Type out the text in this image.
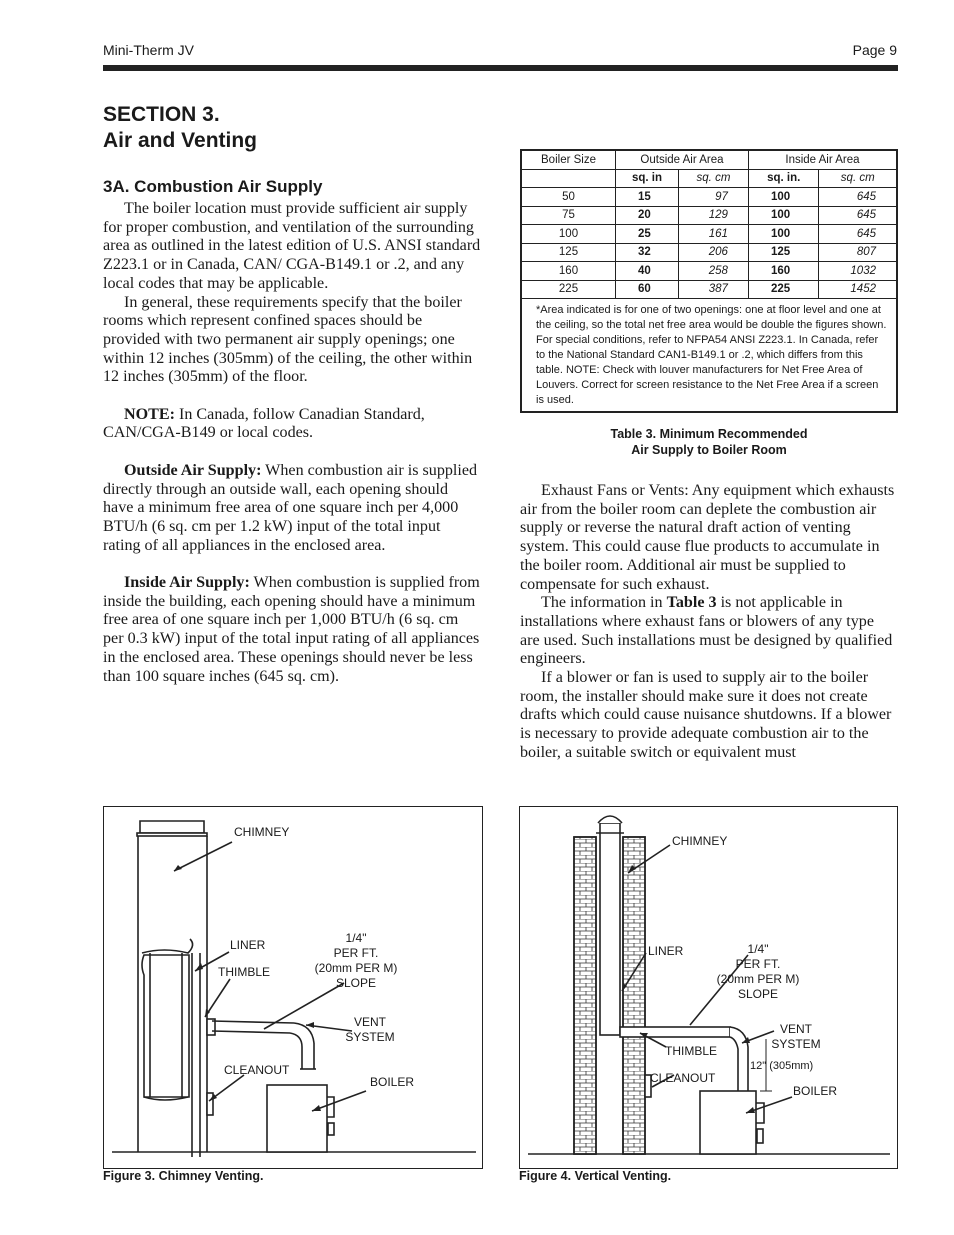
Mini-Therm JV	Page 9
SECTION 3.
Air and Venting
3A. Combustion Air Supply

The boiler location must provide sufficient air supply for proper combustion, and ventilation of the surrounding area as outlined in the latest edition of U.S. ANSI standard Z223.1 or in Canada, CAN/ CGA-B149.1 or .2, and any local codes that may be applicable.

In general, these requirements specify that the boiler rooms which represent confined spaces should be provided with two permanent air supply openings; one within 12 inches (305mm) of the ceiling, the other within 12 inches (305mm) of the floor.

NOTE: In Canada, follow Canadian Standard, CAN/CGA-B149 or local codes.

Outside Air Supply: When combustion air is supplied directly through an outside wall, each opening should have a minimum free area of one square inch per 4,000 BTU/h (6 sq. cm per 1.2 kW) input of the total input rating of all appliances in the enclosed area.

Inside Air Supply: When combustion is supplied from inside the building, each opening should have a minimum free area of one square inch per 1,000 BTU/h (6 sq. cm per 0.3 kW) input of the total input rating of all appliances in the enclosed area. These openings should never be less than 100 square inches (645 sq. cm).

Boiler Size	Outside Air Area		Inside Air Area	
	sq. in	sq. cm	sq. in.	sq. cm
50	15	97	100	645
75	20	129	100	645
100	25	161	100	645
125	32	206	125	807
160	40	258	160	1032
225	60	387	225	1452
*Area indicated is for one of two openings: one at floor level and one at the ceiling, so the total net free area would be double the figures shown. For special conditions, refer to NFPA54 ANSI Z223.1. In Canada, refer to the National Standard CAN1-B149.1 or .2, which differs from this table. NOTE: Check with louver manufacturers for Net Free Area of Louvers. Correct for screen resistance to the Net Free Area if a screen is used.				
Table 3. Minimum Recommended
Air Supply to Boiler Room

Exhaust Fans or Vents: Any equipment which exhausts air from the boiler room can deplete the combustion air supply or reverse the natural draft action of venting system. This could cause flue products to accumulate in the boiler room. Additional air must be supplied to compensate for such exhaust.

The information in Table 3 is not applicable in installations where exhaust fans or blowers of any type are used. Such installations must be designed by qualified engineers.

If a blower or fan is used to supply air to the boiler room, the installer should make sure it does not create drafts which could cause nuisance shutdowns. If a blower is necessary to provide adequate combustion air to the boiler, a suitable switch or equivalent must

CHIMNEY
LINER
THIMBLE
1/4"
PER FT.
(20mm PER M)
SLOPE
VENT
SYSTEM
CLEANOUT
BOILER
Figure 3. Chimney Venting.
CHIMNEY
LINER	1/4"
PER FT.
(20mm PER M)
SLOPE
VENT
SYSTEM
THIMBLE
12" (305mm)
CLEANOUT
BOILER
Figure 4. Vertical Venting.
